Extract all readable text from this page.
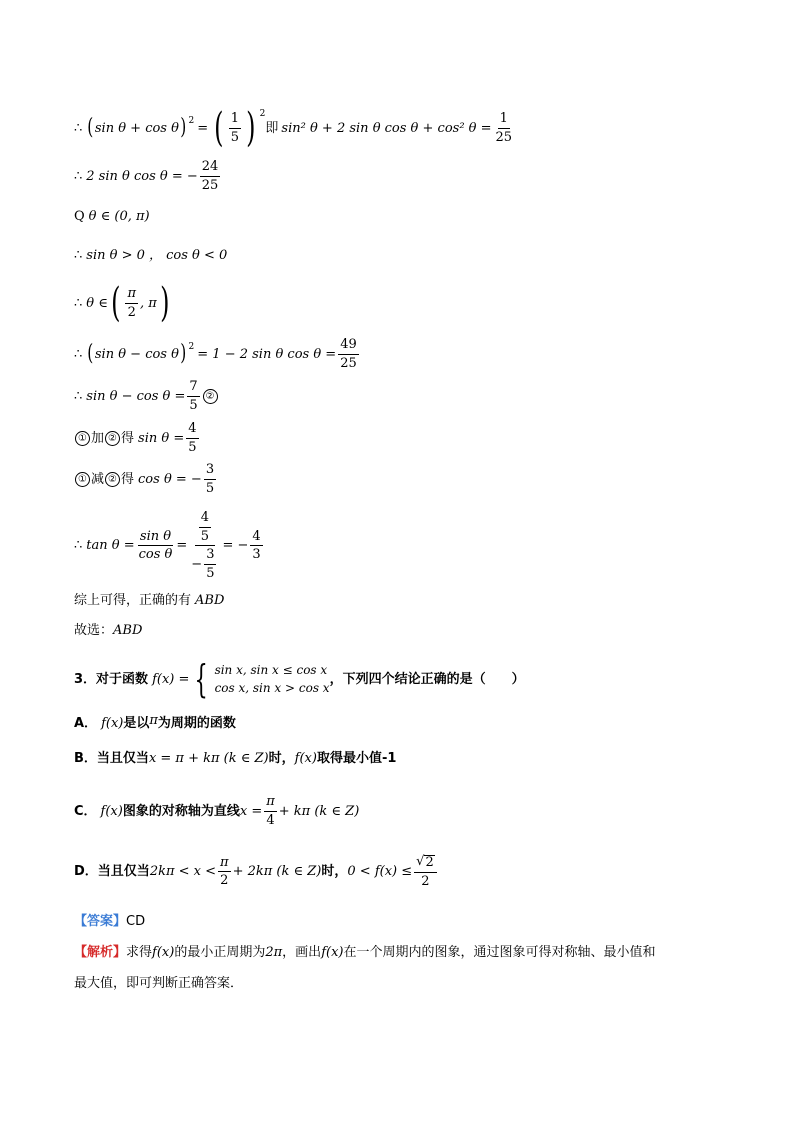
∴ ( sin θ + cos θ ) 2 = ( $\frac{1}{5}$ ) 2
即 sin² θ + 2 sin θ cos θ + cos² $\theta = \frac{1}{25}$
∴ 2 sin θ cos θ = − $\frac{24}{25}$
Q θ ∈ (0, π)
∴ sin θ > 0 ， cos θ < 0
∴ θ ∈ ( $\frac{\pi}{2}$ , π )
∴ ( sin θ − cos θ ) 2 = 1 − 2 sin θ $\cos \theta = \frac{49}{25}$
∴ $\sin \theta - \cos \theta = \frac{7}{5}$ ②
① 加 ② 得 $\sin \theta = \frac{4}{5}$
① 减 ② 得 cos θ = − $\frac{3}{5}$
∴ $\tan \theta = \frac{\text{sin θ}}{\text{cos θ}} = \frac{\frac{4}{5}}{- \frac{3}{5}}$ = − $\frac{4}{3}$
综上可得，正确的有 ABD
故选： ABD
3． 对于函数 f(x) = { sin x, sin x ≤ cos x
cos x, sin x > cos x
，下列四个结论正确的是（　　）
A． f(x) 是以 π 为周期的函数
B． 当且仅当 x = π + kπ (k ∈ Z) 时， f(x) 取得最小值-1
C． f(x) 图象的对称轴为直线 $x = \frac{\pi}{4} + k\pi$ (k ∈ Z)
D． 当且仅当 $2k\pi < x < \frac{\pi}{2} + 2k\pi$ (k ∈ Z) 时， $0 < f(x) \le \frac{√ 2}{2}$
【答案】 CD
【解析】 求得 f(x) 的最小正周期为 2π ，画出 f(x) 在一个周期内的图象，通过图象可得对称轴、最小值和
最大值，即可判断正确答案．
